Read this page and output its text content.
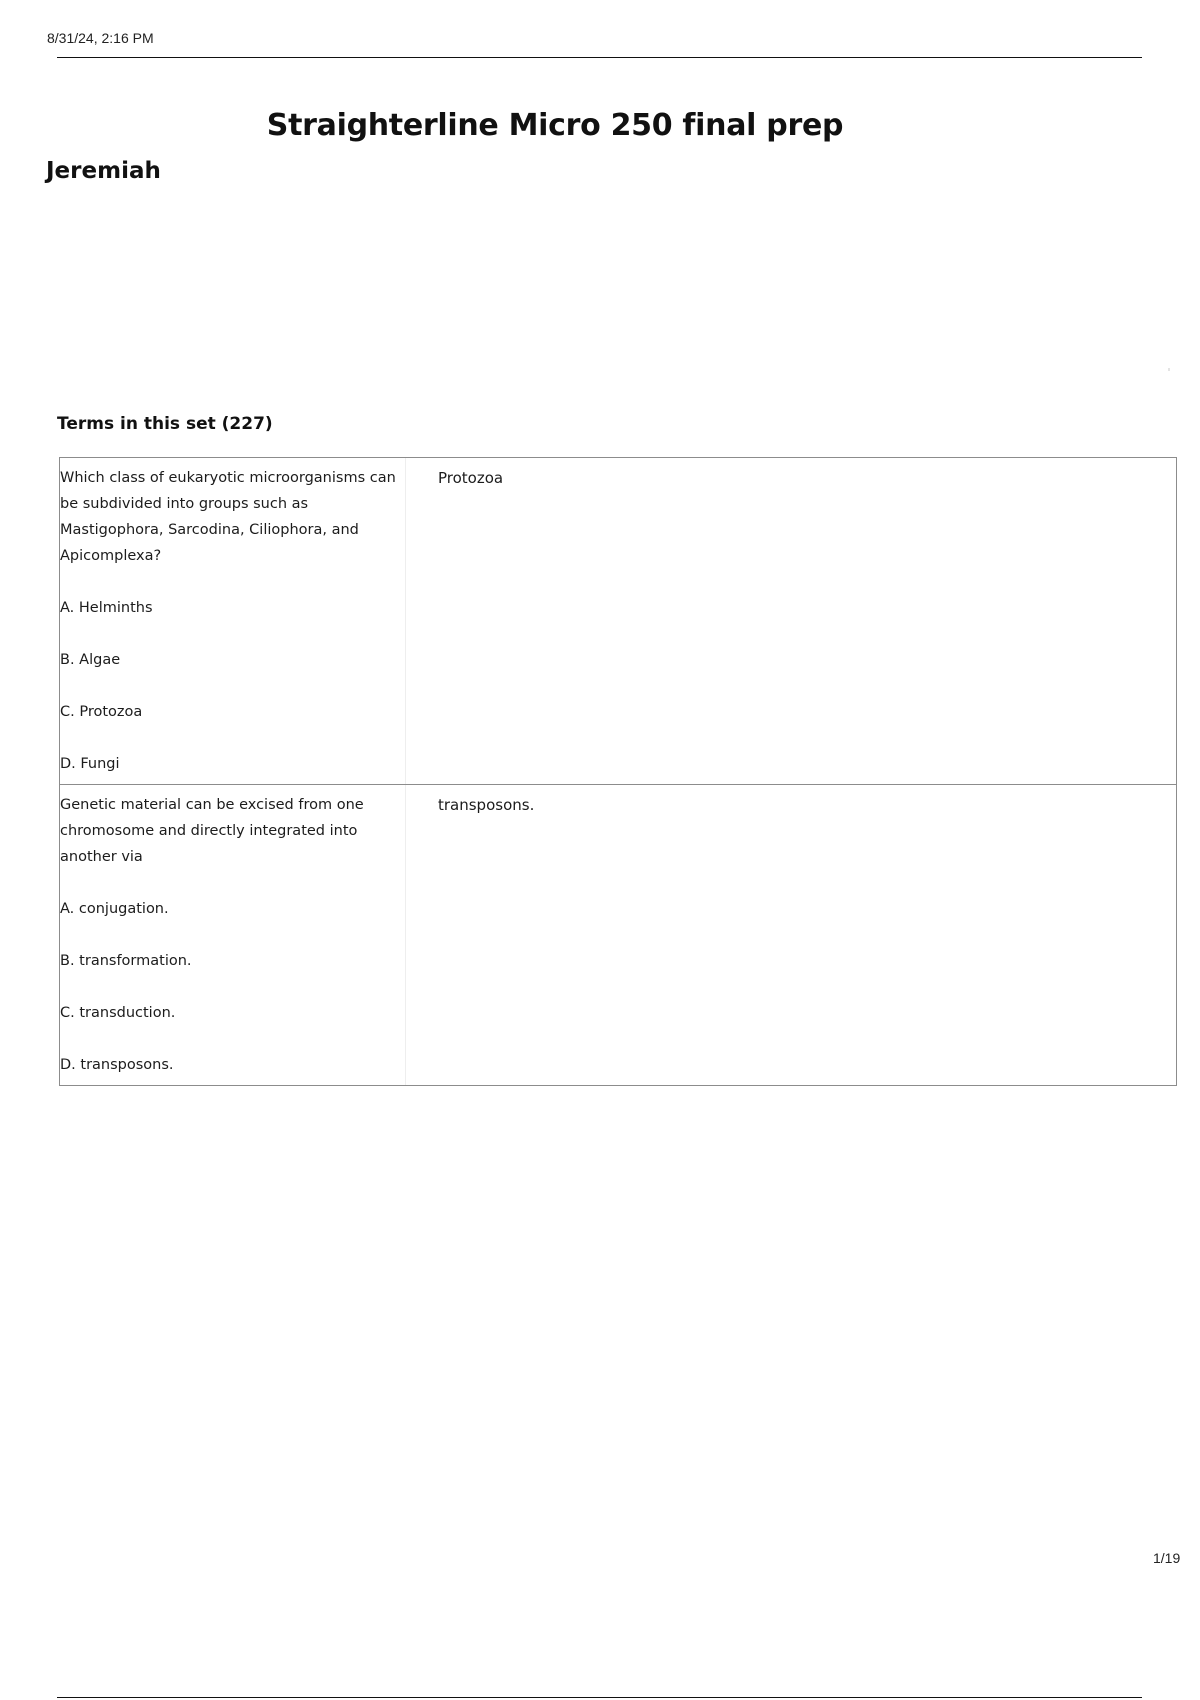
8/31/24, 2:16 PM
Straighterline Micro 250 final prep
Jeremiah
Terms in this set (227)

Which class of eukaryotic microorganisms can be subdivided into groups such as Mastigophora, Sarcodina, Ciliophora, and Apicomplexa?

A. Helminths

B. Algae

C. Protozoa

D. Fungi

Protozoa

Genetic material can be excised from one chromosome and directly integrated into another via

A. conjugation.

B. transformation.

C. transduction.

D. transposons.

transposons.
1/19
